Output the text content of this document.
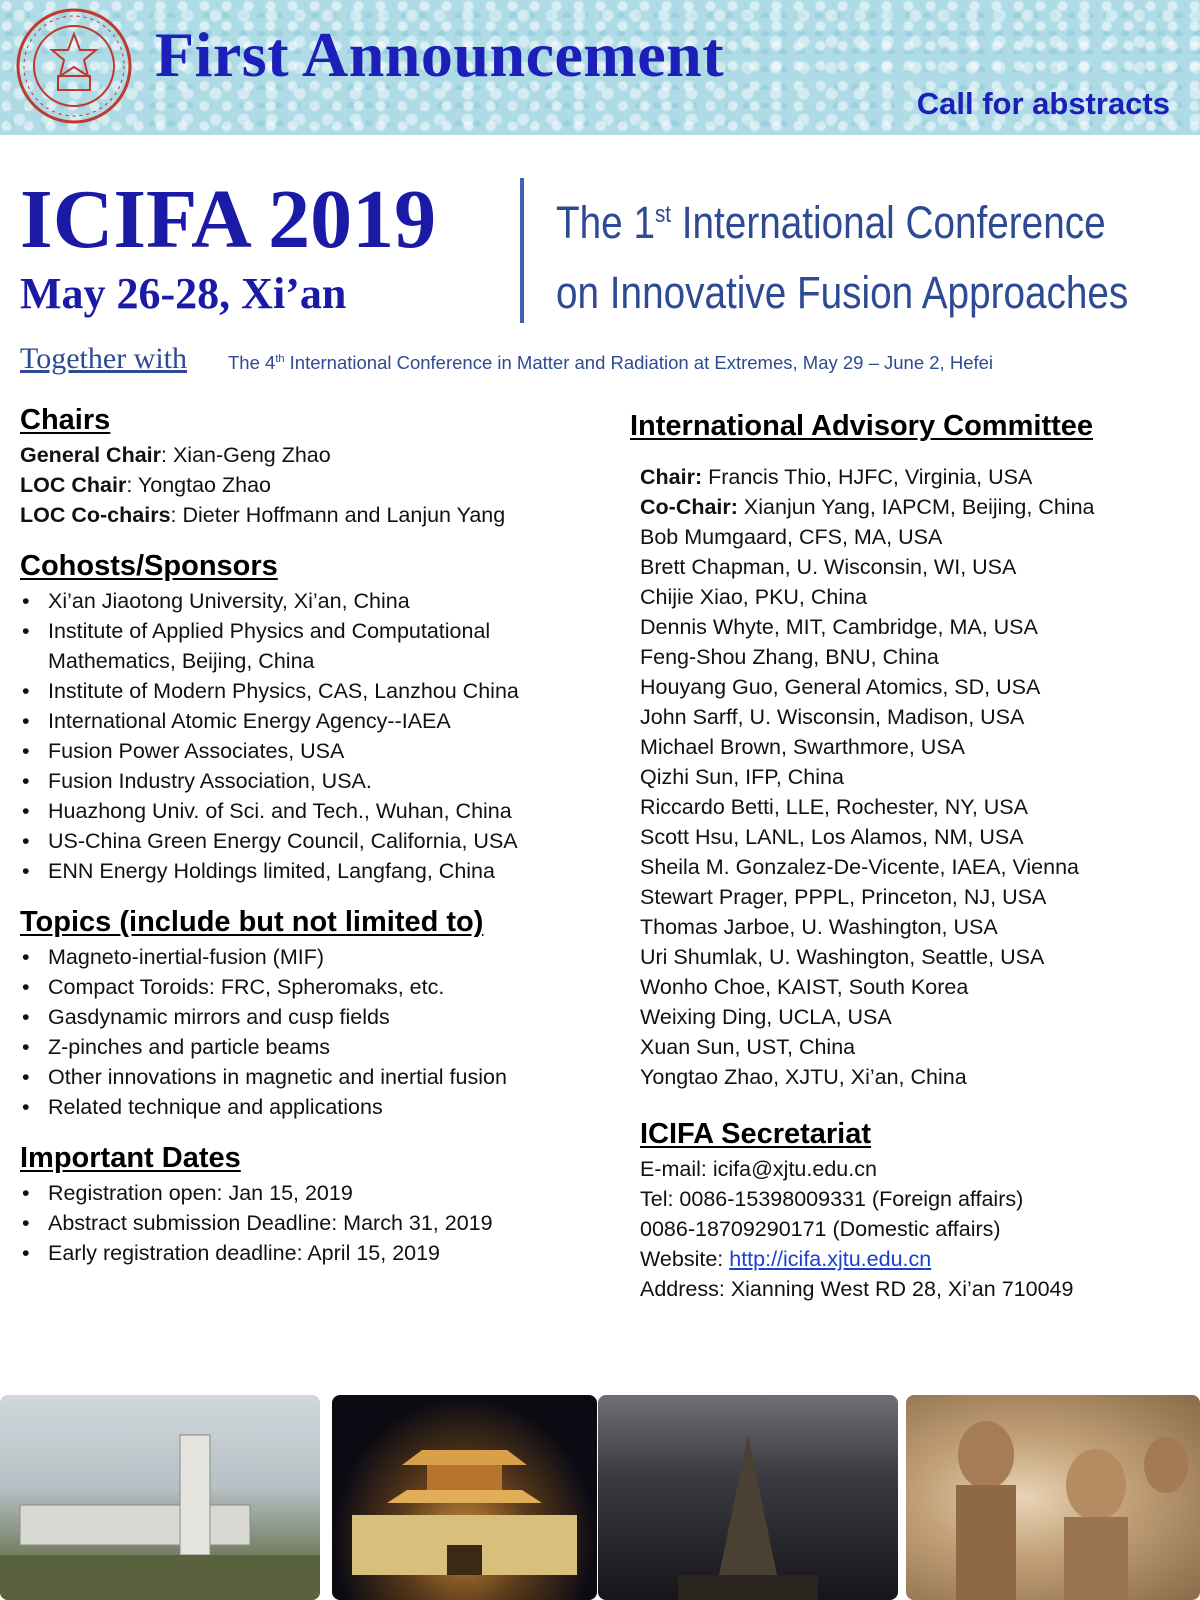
First Announcement
Call for abstracts
ICIFA 2019
May 26-28, Xi’an
The 1st International Conference
on Innovative Fusion Approaches
Together with The 4th International Conference in Matter and Radiation at Extremes, May 29 – June 2, Hefei
Chairs
General Chair: Xian-Geng Zhao
LOC Chair: Yongtao Zhao
LOC Co-chairs: Dieter Hoffmann and Lanjun Yang
Cohosts/Sponsors
• Xi’an Jiaotong University, Xi’an, China
• Institute of Applied Physics and Computational Mathematics, Beijing, China
• Institute of Modern Physics, CAS, Lanzhou China
• International Atomic Energy Agency--IAEA
• Fusion Power Associates, USA
• Fusion Industry Association, USA.
• Huazhong Univ. of Sci. and Tech., Wuhan, China
• US-China Green Energy Council, California, USA
• ENN Energy Holdings limited, Langfang, China
Topics (include but not limited to)
• Magneto-inertial-fusion (MIF)
• Compact Toroids: FRC, Spheromaks, etc.
• Gasdynamic mirrors and cusp fields
• Z-pinches and particle beams
• Other innovations in magnetic and inertial fusion
• Related technique and applications
Important Dates
• Registration open: Jan 15, 2019
• Abstract submission Deadline: March 31, 2019
• Early registration deadline: April 15, 2019
International Advisory Committee
Chair: Francis Thio, HJFC, Virginia, USA
Co-Chair: Xianjun Yang, IAPCM, Beijing, China
Bob Mumgaard, CFS, MA, USA
Brett Chapman, U. Wisconsin, WI, USA
Chijie Xiao, PKU, China
Dennis Whyte, MIT, Cambridge, MA, USA
Feng-Shou Zhang, BNU, China
Houyang Guo, General Atomics, SD, USA
John Sarff, U. Wisconsin, Madison, USA
Michael Brown, Swarthmore, USA
Qizhi Sun, IFP, China
Riccardo Betti, LLE, Rochester, NY, USA
Scott Hsu, LANL, Los Alamos, NM, USA
Sheila M. Gonzalez-De-Vicente, IAEA, Vienna
Stewart Prager, PPPL, Princeton, NJ, USA
Thomas Jarboe, U. Washington, USA
Uri Shumlak, U. Washington, Seattle, USA
Wonho Choe, KAIST, South Korea
Weixing Ding, UCLA, USA
Xuan Sun, UST, China
Yongtao Zhao, XJTU, Xi’an, China
ICIFA Secretariat
E-mail: icifa@xjtu.edu.cn
Tel: 0086-15398009331 (Foreign affairs)
0086-18709290171 (Domestic affairs)
Website: http://icifa.xjtu.edu.cn
Address: Xianning West RD 28, Xi’an 710049
